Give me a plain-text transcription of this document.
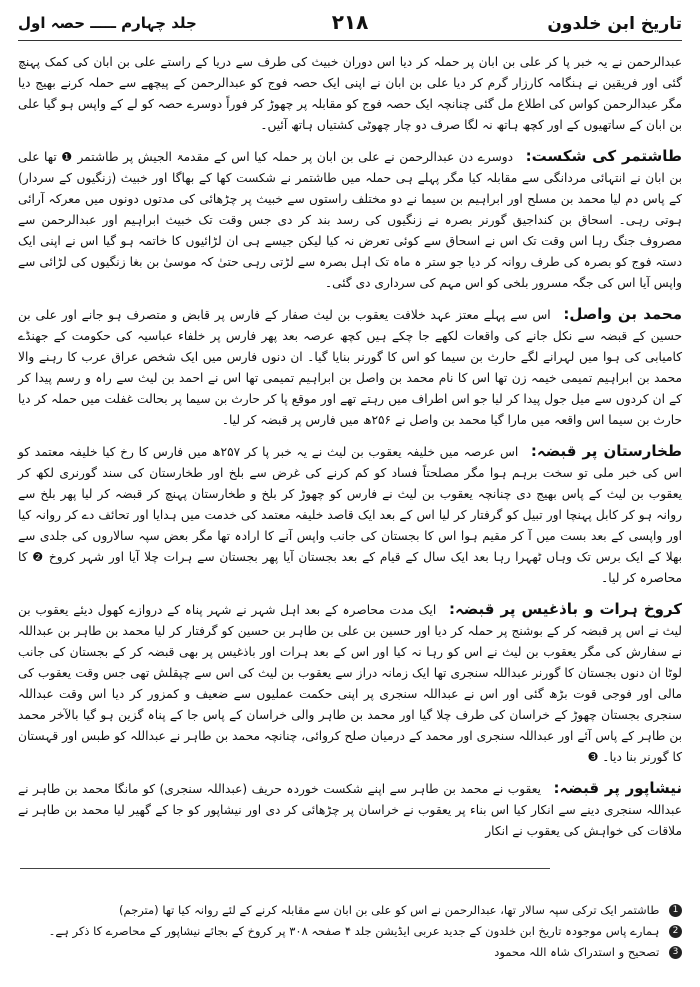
تاریخ ابن خلدون
۲۱۸
جلد چہارم ـــــ حصہ اول

عبدالرحمن نے یہ خبر پا کر علی بن ابان پر حملہ کر دیا اس دوران خبیث کی طرف سے دریا کے راستے علی بن ابان کی کمک پہنچ گئی اور فریقین نے ہنگامہ کارزار گرم کر دیا علی بن ابان نے اپنی ایک حصہ فوج کو عبدالرحمن کے پیچھے سے حملہ کرنے بھیج دیا مگر عبدالرحمن کواس کی اطلاع مل گئی چنانچہ ایک حصہ فوج کو مقابلہ پر چھوڑ کر فوراً دوسرے حصہ کو لے کے واپس ہو گیا علی بن ابان کے ساتھیوں کے اور کچھ ہاتھ نہ لگا صرف دو چار چھوٹی کشتیاں ہاتھ آئیں۔

طاشتمر کی شکست: دوسرے دن عبدالرحمن نے علی بن ابان پر حملہ کیا اس کے مقدمۃ الجیش پر طاشتمر ❶ تھا علی بن ابان نے انتہائی مردانگی سے مقابلہ کیا مگر پہلے ہی حملہ میں طاشتمر نے شکست کھا کے بھاگا اور خبیث (زنگیوں کے سردار) کے پاس دم لیا محمد بن مسلح اور ابراہیم بن سیما نے دو مختلف راستوں سے خبیث پر چڑھائی کی مدتوں دونوں میں معرکہ آرائی ہوتی رہی۔ اسحاق بن کنداجیق گورنر بصرہ نے زنگیوں کی رسد بند کر دی جس وقت تک خبیث ابراہیم اور عبدالرحمن سے مصروف جنگ رہا اس وقت تک اس نے اسحاق سے کوئی تعرض نہ کیا لیکن جیسے ہی ان لڑائیوں کا خاتمہ ہو گیا اس نے اپنی ایک دستہ فوج کو بصرہ کی طرف روانہ کر دیا جو ستر ہ ماہ تک اہل بصرہ سے لڑتی رہی حتیٰ کہ موسیٰ بن بغا زنگیوں کی لڑائی سے واپس آیا اس کی جگہ مسرور بلخی کو اس مہم کی سرداری دی گئی۔

محمد بن واصل: اس سے پہلے معتز عہد خلافت یعقوب بن لیث صفار کے فارس پر قابض و متصرف ہو جانے اور علی بن حسین کے قبضہ سے نکل جانے کی واقعات لکھے جا چکے ہیں کچھ عرصہ بعد پھر فارس پر خلفاء عباسیہ کی حکومت کے جھنڈے کامیابی کی ہوا میں لہرانے لگے حارث بن سیما کو اس کا گورنر بنایا گیا۔ ان دنوں فارس میں ایک شخص عراق عرب کا رہنے والا محمد بن ابراہیم تمیمی خیمہ زن تھا اس کا نام محمد بن واصل بن ابراہیم تمیمی تھا اس نے احمد بن لیث سے راہ و رسم پیدا کر کے ان کردوں سے میل جول پیدا کر لیا جو اس اطراف میں رہتے تھے اور موقع پا کر حارث بن سیما پر بحالت غفلت میں حملہ کر دیا حارث بن سیما اس واقعہ میں مارا گیا محمد بن واصل نے ۲۵۶ھ میں فارس پر قبضہ کر لیا۔

طخارستان پر قبضہ: اس عرصہ میں خلیفہ یعقوب بن لیث نے یہ خبر پا کر ۲۵۷ھ میں فارس کا رخ کیا خلیفہ معتمد کو اس کی خبر ملی تو سخت برہم ہوا مگر مصلحتاً فساد کو کم کرنے کی غرض سے بلخ اور طخارستان کی سند گورنری لکھ کر یعقوب بن لیث کے پاس بھیج دی چنانچہ یعقوب بن لیث نے فارس کو چھوڑ کر بلخ و طخارستان پہنچ کر قبضہ کر لیا پھر بلخ سے روانہ ہو کر کابل پہنچا اور تبیل کو گرفتار کر لیا اس کے بعد ایک قاصد خلیفہ معتمد کی خدمت میں ہدایا اور تحائف دے کر روانہ کیا اور واپسی کے بعد بست میں آ کر مقیم ہوا اس کا بجستان کی جانب واپس آنے کا ارادہ تھا مگر بعض سپہ سالاروں کی جلدی سے بھلا کے ایک برس تک وہاں ٹھہرا رہا بعد ایک سال کے قیام کے بعد بجستان آیا پھر بجستان سے ہرات چلا آیا اور شہر کروخ ❷ کا محاصرہ کر لیا۔

کروخ ہرات و باذغیس پر قبضہ: ایک مدت محاصرہ کے بعد اہل شہر نے شہر پناہ کے دروازے کھول دیئے یعقوب بن لیث نے اس پر قبضہ کر کے بوشنج پر حملہ کر دیا اور حسین بن علی بن طاہر بن حسین کو گرفتار کر لیا محمد بن طاہر بن عبداللہ نے سفارش کی مگر یعقوب بن لیث نے اس کو رہا نہ کیا اور اس کے بعد ہرات اور باذغیس پر بھی قبضہ کر کے بجستان کی جانب لوٹا ان دنوں بجستان کا گورنر عبداللہ سنجری تھا ایک زمانہ دراز سے یعقوب بن لیث کی اس سے چپقلش تھی جس وقت یعقوب کی مالی اور فوجی قوت بڑھ گئی اور اس نے عبداللہ سنجری پر اپنی حکمت عملیوں سے ضعیف و کمزور کر دیا اس وقت عبداللہ سنجری بجستان چھوڑ کے خراسان کی طرف چلا گیا اور محمد بن طاہر والی خراسان کے پاس جا کے پناہ گزین ہو گیا بالآخر محمد بن طاہر کے پاس آئے اور عبداللہ سنجری اور محمد کے درمیان صلح کروائی، چنانچہ محمد بن طاہر نے عبداللہ کو طبس اور قہستان کا گورنر بنا دیا۔ ❸

نیشاپور پر قبضہ: یعقوب نے محمد بن طاہر سے اپنے شکست خوردہ حریف (عبداللہ سنجری) کو مانگا محمد بن طاہر نے عبداللہ سنجری دینے سے انکار کیا اس بناء پر یعقوب نے خراسان پر چڑھائی کر دی اور نیشاپور کو جا کے گھیر لیا محمد بن طاہر نے ملاقات کی خواہش کی یعقوب نے انکار

1 طاشتمر ایک ترکی سپہ سالار تھا، عبدالرحمن نے اس کو علی بن ابان سے مقابلہ کرنے کے لئے روانہ کیا تھا (مترجم)
2 ہمارے پاس موجودہ تاریخ ابن خلدون کے جدید عربی ایڈیشن جلد ۴ صفحہ ۳۰۸ پر کروخ کے بجائے نیشاپور کے محاصرے کا ذکر ہے۔
3 تصحیح و استدراک شاہ اللہ محمود
